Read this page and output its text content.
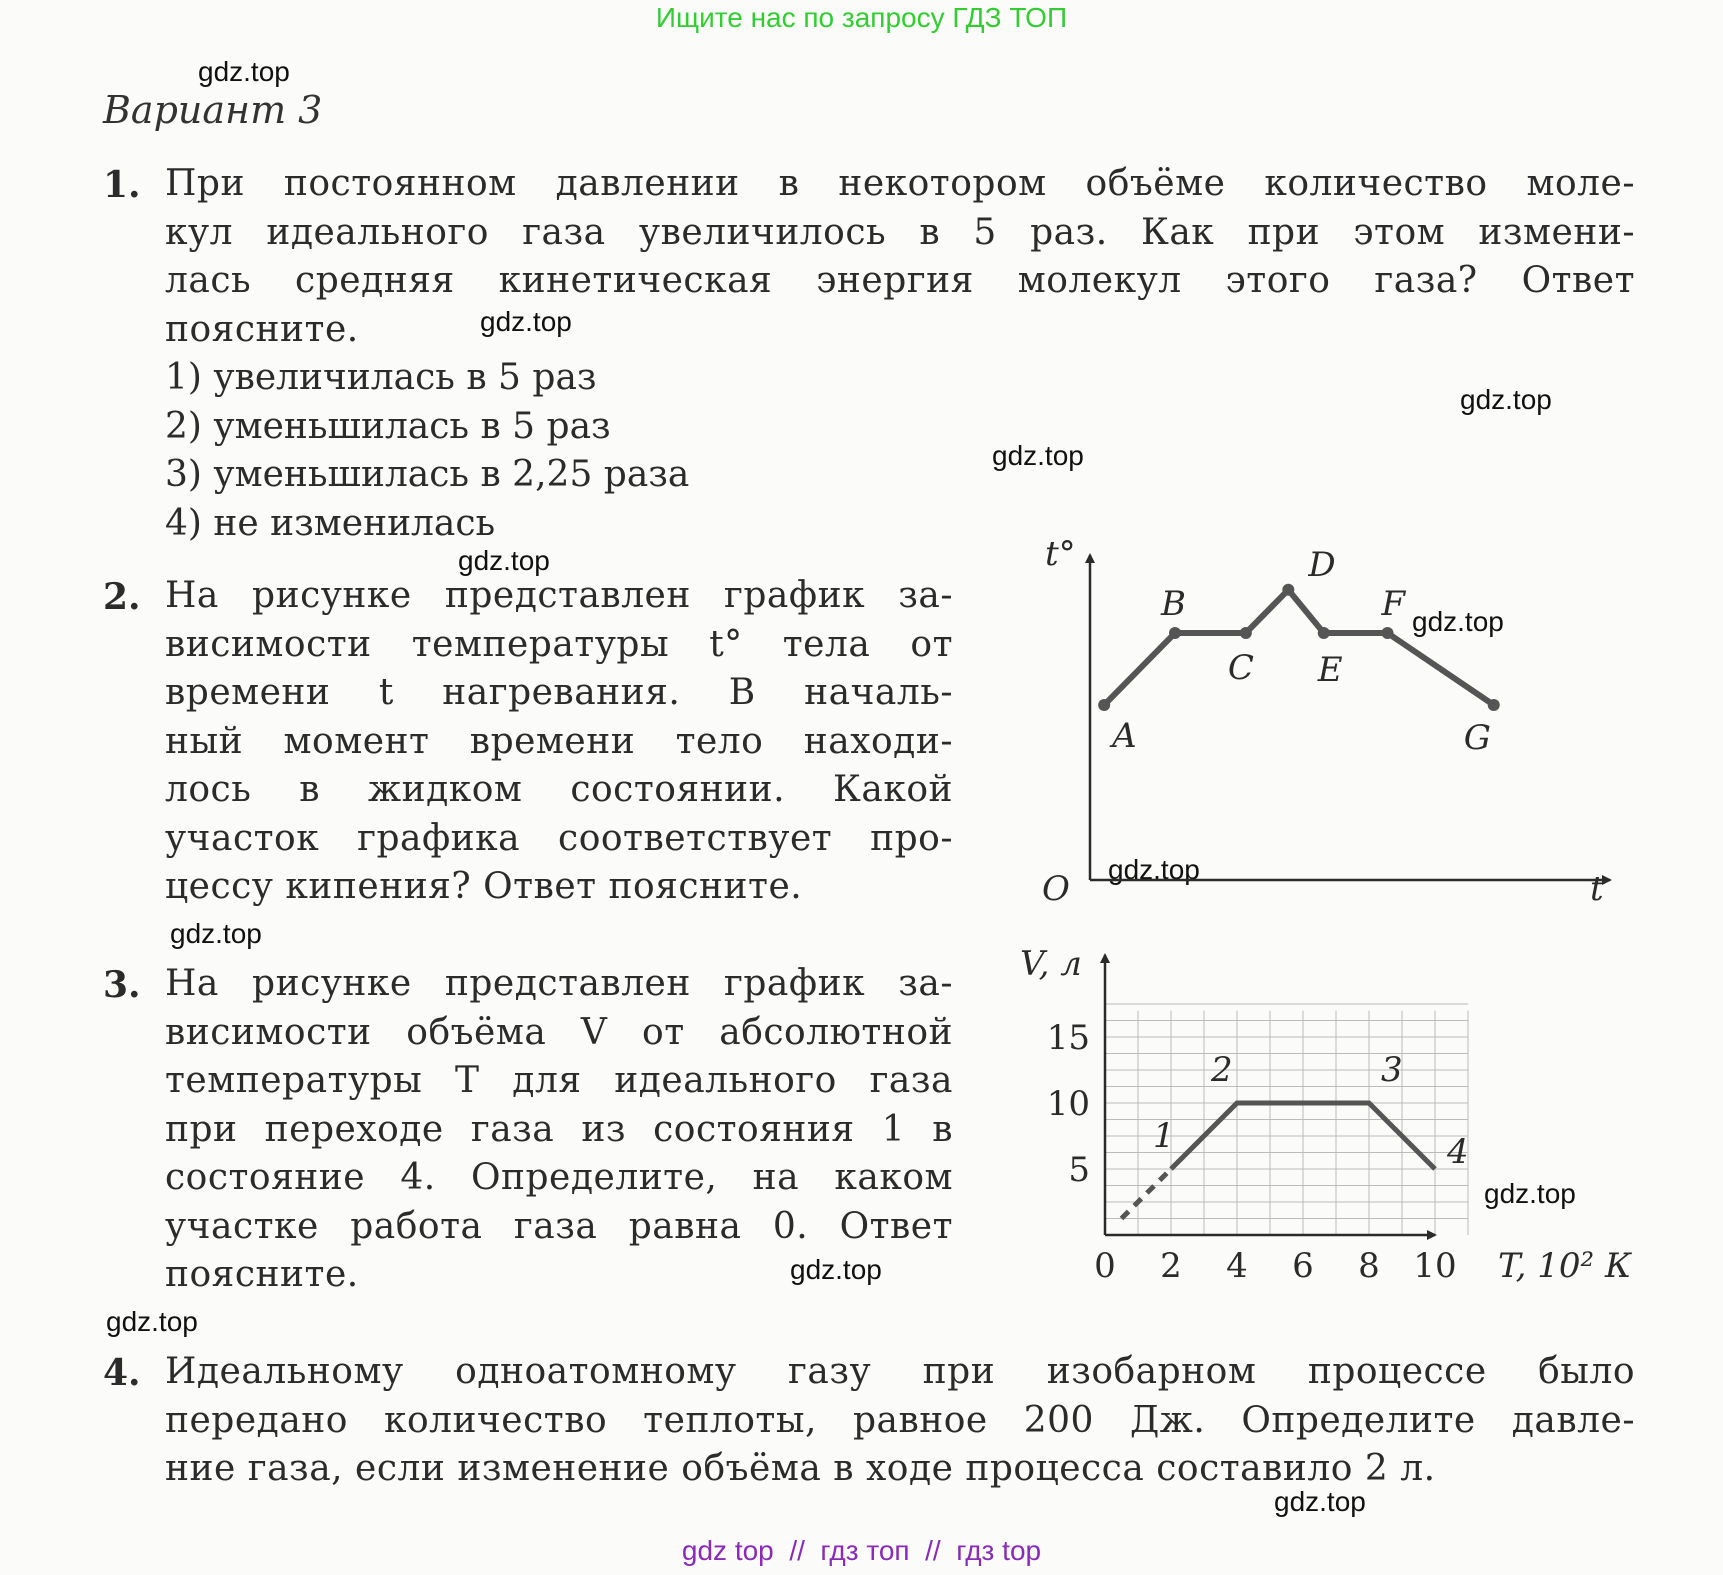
Ищите нас по запросу ГДЗ ТОП
gdz.top
gdz.top
gdz.top
gdz.top
gdz.top
gdz.top
gdz.top
gdz.top
gdz.top
gdz.top
gdz.top
gdz.top
Вариант 3
1. При постоянном давлении в некотором объёме количество моле-
кул идеального газа увеличилось в 5 раз. Как при этом измени-
лась средняя кинетическая энергия молекул этого газа? Ответ
поясните.
1) увеличилась в 5 раз
2) уменьшилась в 5 раз
3) уменьшилась в 2,25 раза
4) не изменилась
2. На рисунке представлен график за-
висимости температуры t° тела от
времени t нагревания. В началь-
ный момент времени тело находи-
лось в жидком состоянии. Какой
участок графика соответствует про-
цессу кипения? Ответ поясните.
3. На рисунке представлен график за-
висимости объёма V от абсолютной
температуры T для идеального газа
при переходе газа из состояния 1 в
состояние 4. Определите, на каком
участке работа газа равна 0. Ответ
поясните.
4. Идеальному одноатомному газу при изобарном процессе было
передано количество теплоты, равное 200 Дж. Определите давле-
ние газа, если изменение объёма в ходе процесса составило 2 л.
t°
t
O
A
B
C
D
E
F
G
V, л
T, 10² К
0 2 4 6 8 10
5
10
15
1
2	3
4
gdz top  //  гдз топ  //  гдз top
